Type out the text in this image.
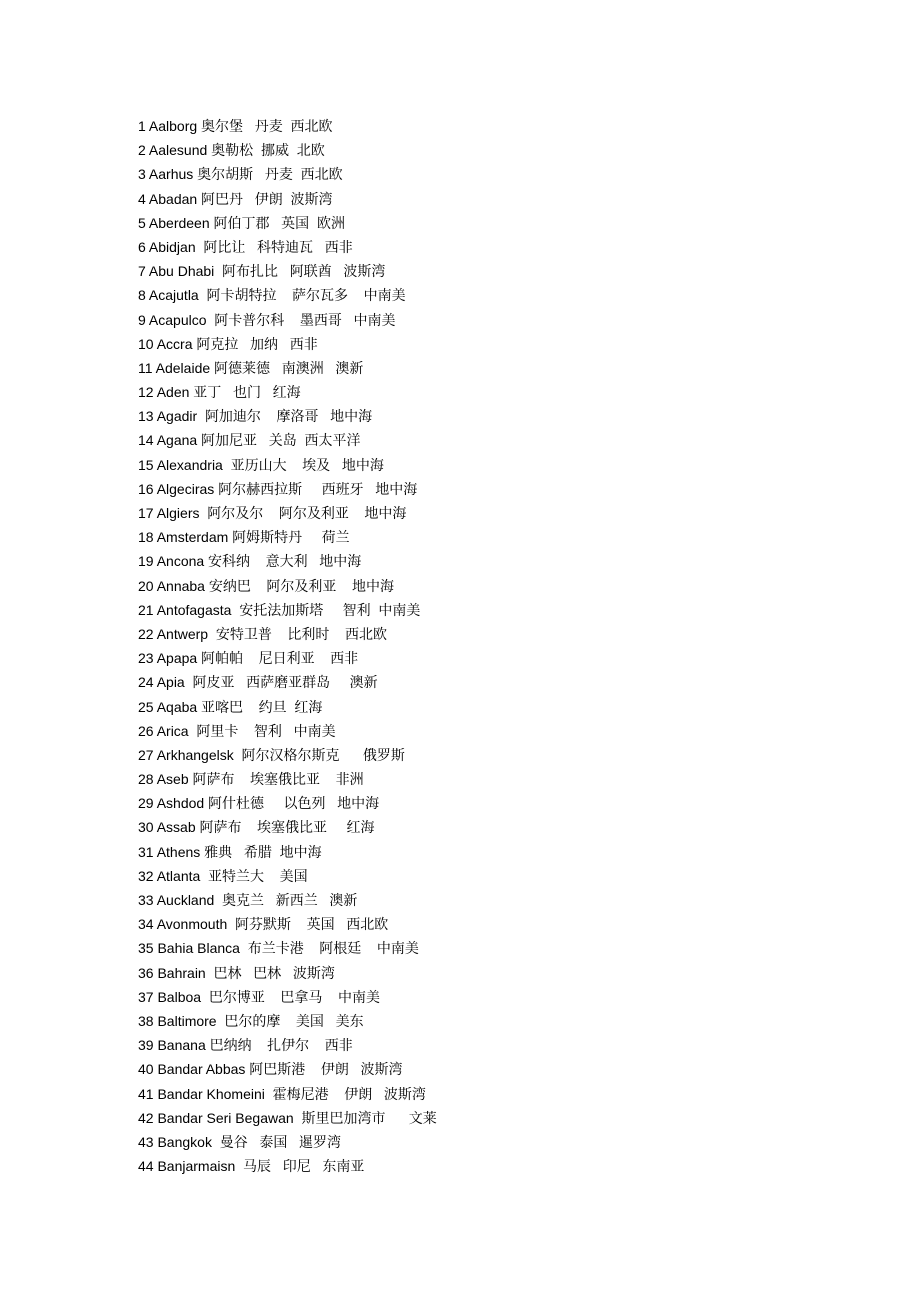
1 Aalborg 奥尔堡   丹麦  西北欧
2 Aalesund 奥勒松  挪威  北欧
3 Aarhus 奥尔胡斯   丹麦  西北欧
4 Abadan 阿巴丹   伊朗  波斯湾
5 Aberdeen 阿伯丁郡   英国  欧洲
6 Abidjan  阿比让   科特迪瓦   西非
7 Abu Dhabi  阿布扎比   阿联酋   波斯湾
8 Acajutla  阿卡胡特拉    萨尔瓦多    中南美
9 Acapulco  阿卡普尔科    墨西哥   中南美
10 Accra 阿克拉   加纳   西非
11 Adelaide 阿德莱德   南澳洲   澳新
12 Aden 亚丁   也门   红海
13 Agadir  阿加迪尔    摩洛哥   地中海
14 Agana 阿加尼亚   关岛  西太平洋
15 Alexandria  亚历山大    埃及   地中海
16 Algeciras 阿尔赫西拉斯     西班牙   地中海
17 Algiers  阿尔及尔    阿尔及利亚    地中海
18 Amsterdam 阿姆斯特丹     荷兰
19 Ancona 安科纳    意大利   地中海
20 Annaba 安纳巴    阿尔及利亚    地中海
21 Antofagasta  安托法加斯塔     智利  中南美
22 Antwerp  安特卫普    比利时    西北欧
23 Apapa 阿帕帕    尼日利亚    西非
24 Apia  阿皮亚   西萨磨亚群岛     澳新
25 Aqaba 亚喀巴    约旦  红海
26 Arica  阿里卡    智利   中南美
27 Arkhangelsk  阿尔汉格尔斯克      俄罗斯
28 Aseb 阿萨布    埃塞俄比亚    非洲
29 Ashdod 阿什杜德     以色列   地中海
30 Assab 阿萨布    埃塞俄比亚     红海
31 Athens 雅典   希腊  地中海
32 Atlanta  亚特兰大    美国
33 Auckland  奥克兰   新西兰   澳新
34 Avonmouth  阿芬默斯    英国   西北欧
35 Bahia Blanca  布兰卡港    阿根廷    中南美
36 Bahrain  巴林   巴林   波斯湾
37 Balboa  巴尔博亚    巴拿马    中南美
38 Baltimore  巴尔的摩    美国   美东
39 Banana 巴纳纳    扎伊尔    西非
40 Bandar Abbas 阿巴斯港    伊朗   波斯湾
41 Bandar Khomeini  霍梅尼港    伊朗   波斯湾
42 Bandar Seri Begawan  斯里巴加湾市      文莱
43 Bangkok  曼谷   泰国   暹罗湾
44 Banjarmaisn  马辰   印尼   东南亚
